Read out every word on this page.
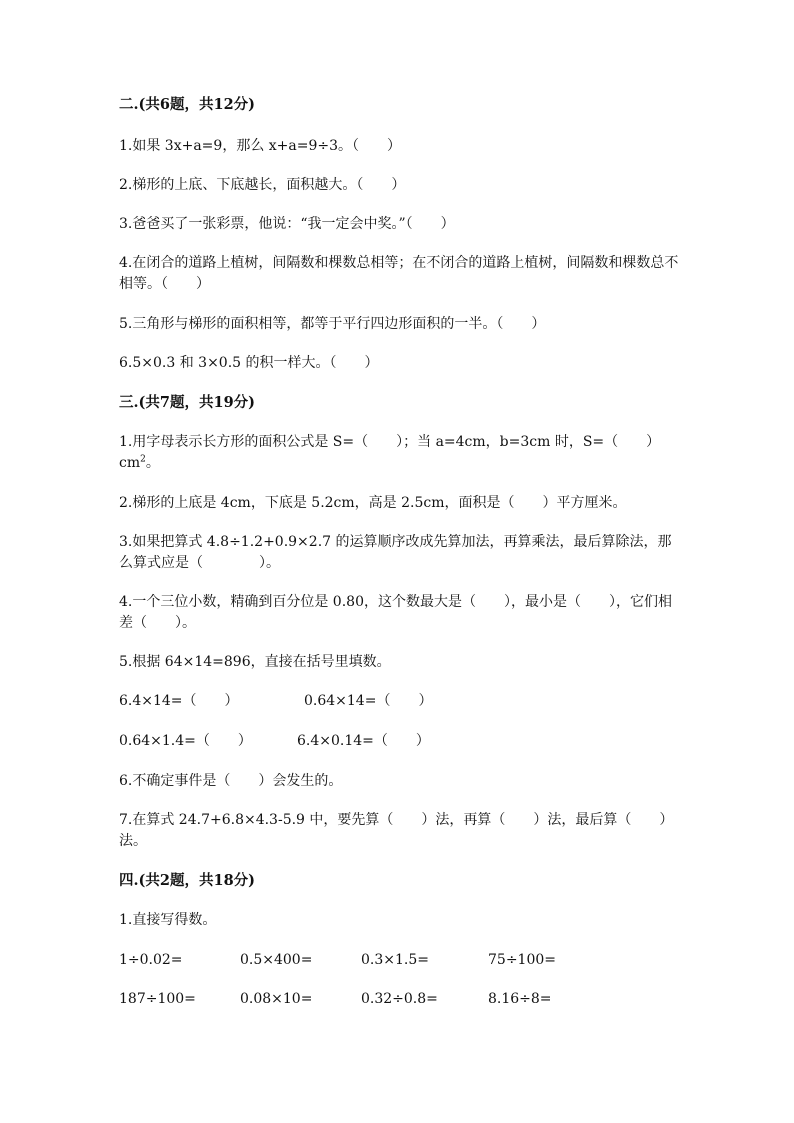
二.(共6题，共12分)
1.如果 3x+a=9，那么 x+a=9÷3。（　　）
2.梯形的上底、下底越长，面积越大。（　　）
3.爸爸买了一张彩票，他说：“我一定会中奖。”（　　）
4.在闭合的道路上植树，间隔数和棵数总相等；在不闭合的道路上植树，间隔数和棵数总不相等。（　　）
5.三角形与梯形的面积相等，都等于平行四边形面积的一半。（　　）
6.5×0.3 和 3×0.5 的积一样大。（　　）
三.(共7题，共19分)
1.用字母表示长方形的面积公式是 S=（　　）；当 a=4cm，b=3cm 时，S=（　　）$cm^2$。
2.梯形的上底是 4cm，下底是 5.2cm，高是 2.5cm，面积是（　　）平方厘米。
3.如果把算式 4.8÷1.2+0.9×2.7 的运算顺序改成先算加法，再算乘法，最后算除法，那么算式应是（　　　　）。
4.一个三位小数，精确到百分位是 0.80，这个数最大是（　　），最小是（　　），它们相差（　　）。
5.根据 64×14=896，直接在括号里填数。
6.4×14=（　　）	0.64×14=（　　）
0.64×1.4=（　　）	6.4×0.14=（　　）
6.不确定事件是（　　）会发生的。
7.在算式 24.7+6.8×4.3-5.9 中，要先算（　　）法，再算（　　）法，最后算（　　）法。
四.(共2题，共18分)
1.直接写得数。
1÷0.02=	0.5×400=	0.3×1.5=	75÷100=
187÷100=	0.08×10=	0.32÷0.8=	8.16÷8=
